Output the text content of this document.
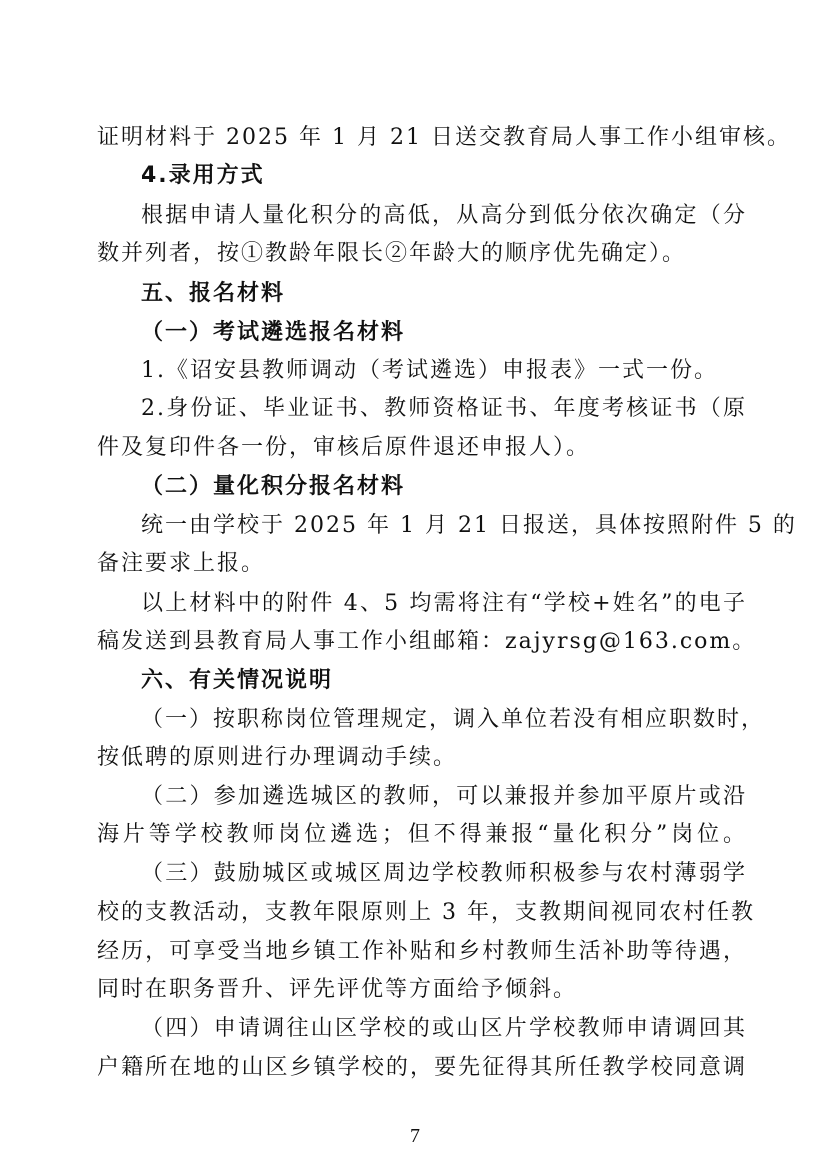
证明材料于 2025 年 1 月 21 日送交教育局人事工作小组审核。
4.录用方式
根据申请人量化积分的高低，从高分到低分依次确定（分
数并列者，按①教龄年限长②年龄大的顺序优先确定）。
五、报名材料
（一）考试遴选报名材料
1.《诏安县教师调动（考试遴选）申报表》一式一份。
2.身份证、毕业证书、教师资格证书、年度考核证书（原
件及复印件各一份，审核后原件退还申报人）。
（二）量化积分报名材料
统一由学校于 2025 年 1 月 21 日报送，具体按照附件 5 的
备注要求上报。
以上材料中的附件 4、5 均需将注有“学校+姓名”的电子
稿发送到县教育局人事工作小组邮箱：zajyrsg@163.com。
六、有关情况说明
（一）按职称岗位管理规定，调入单位若没有相应职数时，
按低聘的原则进行办理调动手续。
（二）参加遴选城区的教师，可以兼报并参加平原片或沿
海片等学校教师岗位遴选；但不得兼报“量化积分”岗位。
（三）鼓励城区或城区周边学校教师积极参与农村薄弱学
校的支教活动，支教年限原则上 3 年，支教期间视同农村任教
经历，可享受当地乡镇工作补贴和乡村教师生活补助等待遇，
同时在职务晋升、评先评优等方面给予倾斜。
（四）申请调往山区学校的或山区片学校教师申请调回其
户籍所在地的山区乡镇学校的，要先征得其所任教学校同意调
7
